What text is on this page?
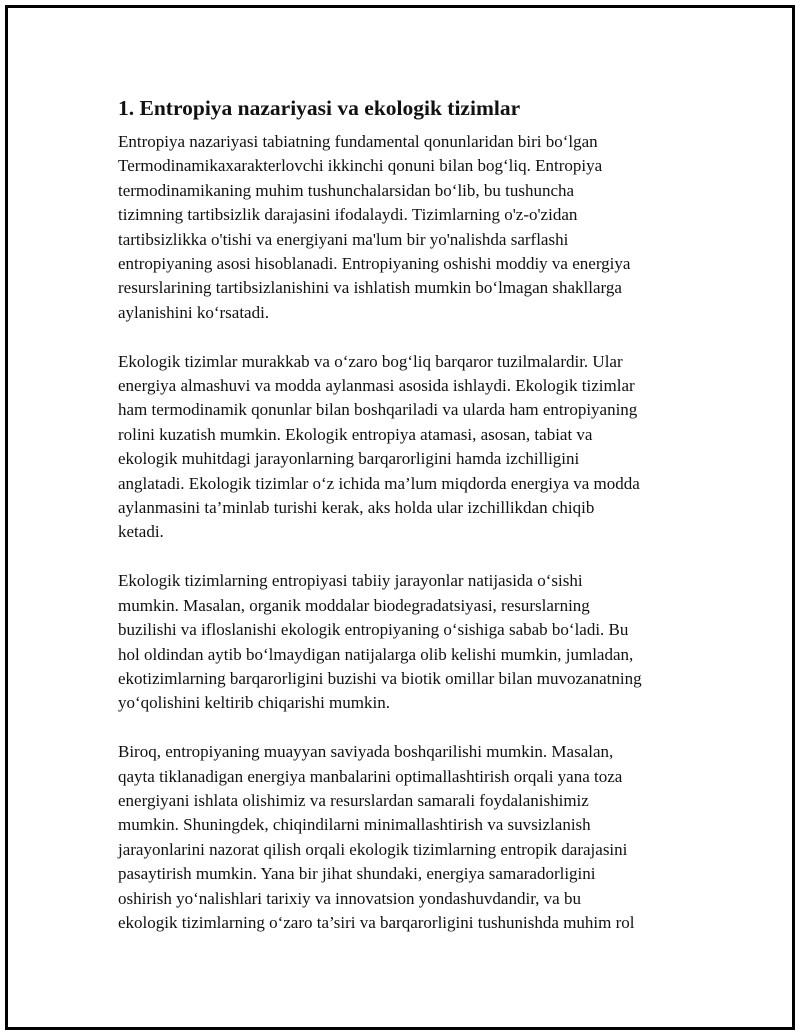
1. Entropiya nazariyasi va ekologik tizimlar

Entropiya nazariyasi tabiatning fundamental qonunlaridan biri bo‘lgan
Termodinamikaxarakterlovchi ikkinchi qonuni bilan bog‘liq. Entropiya
termodinamikaning muhim tushunchalarsidan bo‘lib, bu tushuncha
tizimning tartibsizlik darajasini ifodalaydi. Tizimlarning o'z-o'zidan
tartibsizlikka o'tishi va energiyani ma'lum bir yo'nalishda sarflashi
entropiyaning asosi hisoblanadi. Entropiyaning oshishi moddiy va energiya
resurslarining tartibsizlanishini va ishlatish mumkin bo‘lmagan shakllarga
aylanishini ko‘rsatadi.

Ekologik tizimlar murakkab va o‘zaro bog‘liq barqaror tuzilmalardir. Ular
energiya almashuvi va modda aylanmasi asosida ishlaydi. Ekologik tizimlar
ham termodinamik qonunlar bilan boshqariladi va ularda ham entropiyaning
rolini kuzatish mumkin. Ekologik entropiya atamasi, asosan, tabiat va
ekologik muhitdagi jarayonlarning barqarorligini hamda izchilligini
anglatadi. Ekologik tizimlar o‘z ichida ma’lum miqdorda energiya va modda
aylanmasini ta’minlab turishi kerak, aks holda ular izchillikdan chiqib
ketadi.

Ekologik tizimlarning entropiyasi tabiiy jarayonlar natijasida o‘sishi
mumkin. Masalan, organik moddalar biodegradatsiyasi, resurslarning
buzilishi va ifloslanishi ekologik entropiyaning o‘sishiga sabab bo‘ladi. Bu
hol oldindan aytib bo‘lmaydigan natijalarga olib kelishi mumkin, jumladan,
ekotizimlarning barqarorligini buzishi va biotik omillar bilan muvozanatning
yo‘qolishini keltirib chiqarishi mumkin.

Biroq, entropiyaning muayyan saviyada boshqarilishi mumkin. Masalan,
qayta tiklanadigan energiya manbalarini optimallashtirish orqali yana toza
energiyani ishlata olishimiz va resurslardan samarali foydalanishimiz
mumkin. Shuningdek, chiqindilarni minimallashtirish va suvsizlanish
jarayonlarini nazorat qilish orqali ekologik tizimlarning entropik darajasini
pasaytirish mumkin. Yana bir jihat shundaki, energiya samaradorligini
oshirish yo‘nalishlari tarixiy va innovatsion yondashuvdandir, va bu
ekologik tizimlarning o‘zaro ta’siri va barqarorligini tushunishda muhim rol
